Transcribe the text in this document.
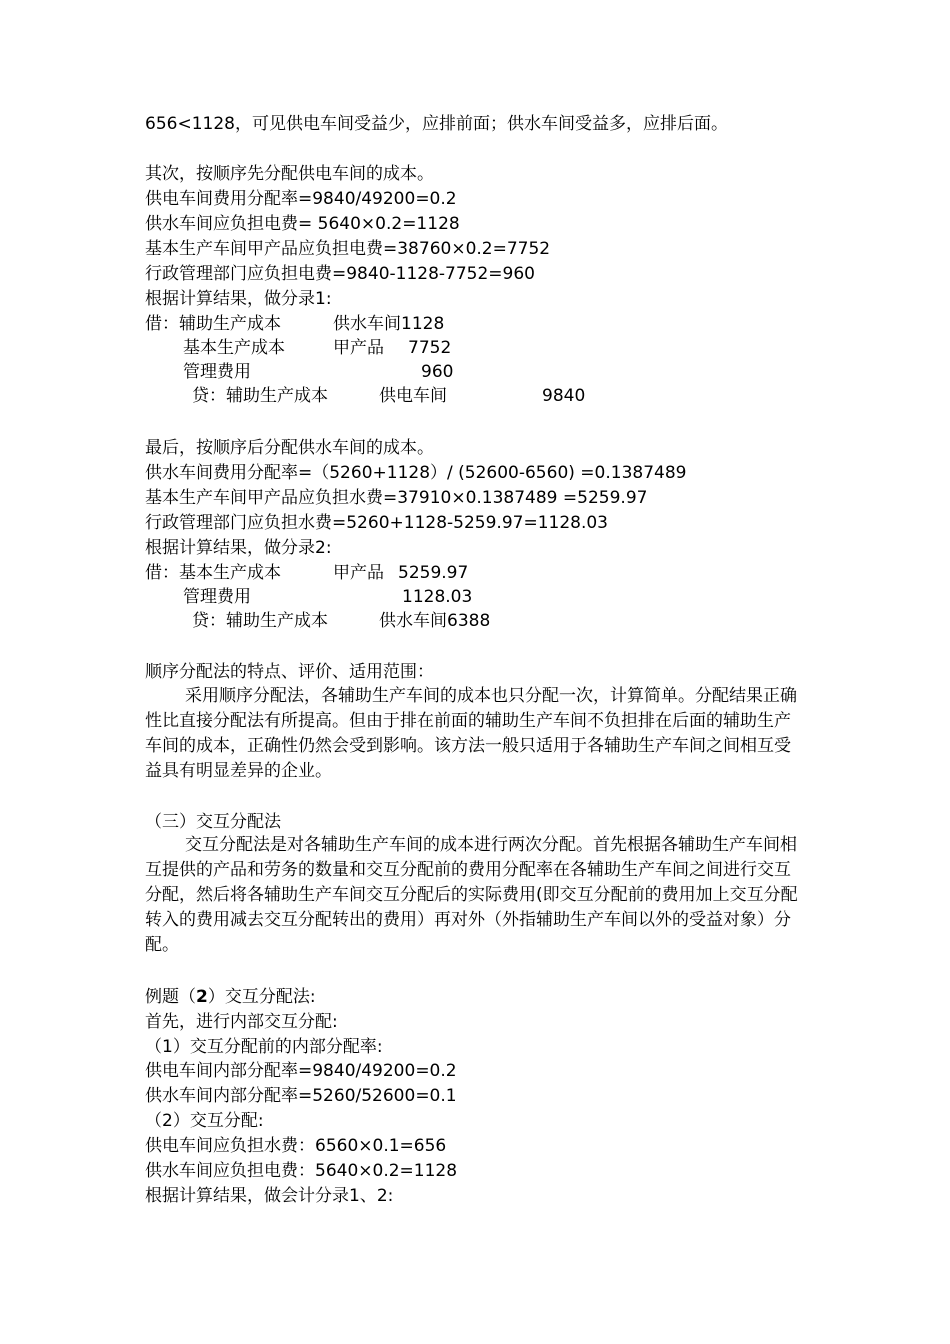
656<1128，可见供电车间受益少，应排前面；供水车间受益多，应排后面。
其次，按顺序先分配供电车间的成本。
供电车间费用分配率=9840/49200=0.2
供水车间应负担电费= 5640×0.2=1128
基本生产车间甲产品应负担电费=38760×0.2=7752
行政管理部门应负担电费=9840-1128-7752=960
根据计算结果，做分录1:
借：辅助生产成本	供水车间1128
基本生产成本	甲产品 7752
管理费用	960
贷：辅助生产成本	供电车间	9840
最后，按顺序后分配供水车间的成本。
供水车间费用分配率=（5260+1128）/ (52600-6560) =0.1387489
基本生产车间甲产品应负担水费=37910×0.1387489 =5259.97
行政管理部门应负担水费=5260+1128-5259.97=1128.03
根据计算结果，做分录2:
借：基本生产成本	甲产品 5259.97
管理费用	1128.03
贷：辅助生产成本	供水车间6388
顺序分配法的特点、评价、适用范围：
采用顺序分配法，各辅助生产车间的成本也只分配一次，计算简单。分配结果正确性比直接分配法有所提高。但由于排在前面的辅助生产车间不负担排在后面的辅助生产车间的成本，正确性仍然会受到影响。该方法一般只适用于各辅助生产车间之间相互受益具有明显差异的企业。
（三）交互分配法
交互分配法是对各辅助生产车间的成本进行两次分配。首先根据各辅助生产车间相互提供的产品和劳务的数量和交互分配前的费用分配率在各辅助生产车间之间进行交互分配，然后将各辅助生产车间交互分配后的实际费用(即交互分配前的费用加上交互分配转入的费用减去交互分配转出的费用）再对外（外指辅助生产车间以外的受益对象）分配。
例题（2）交互分配法:
首先，进行内部交互分配:
（1）交互分配前的内部分配率:
供电车间内部分配率=9840/49200=0.2
供水车间内部分配率=5260/52600=0.1
（2）交互分配:
供电车间应负担水费：6560×0.1=656
供水车间应负担电费：5640×0.2=1128
根据计算结果，做会计分录1、2:
